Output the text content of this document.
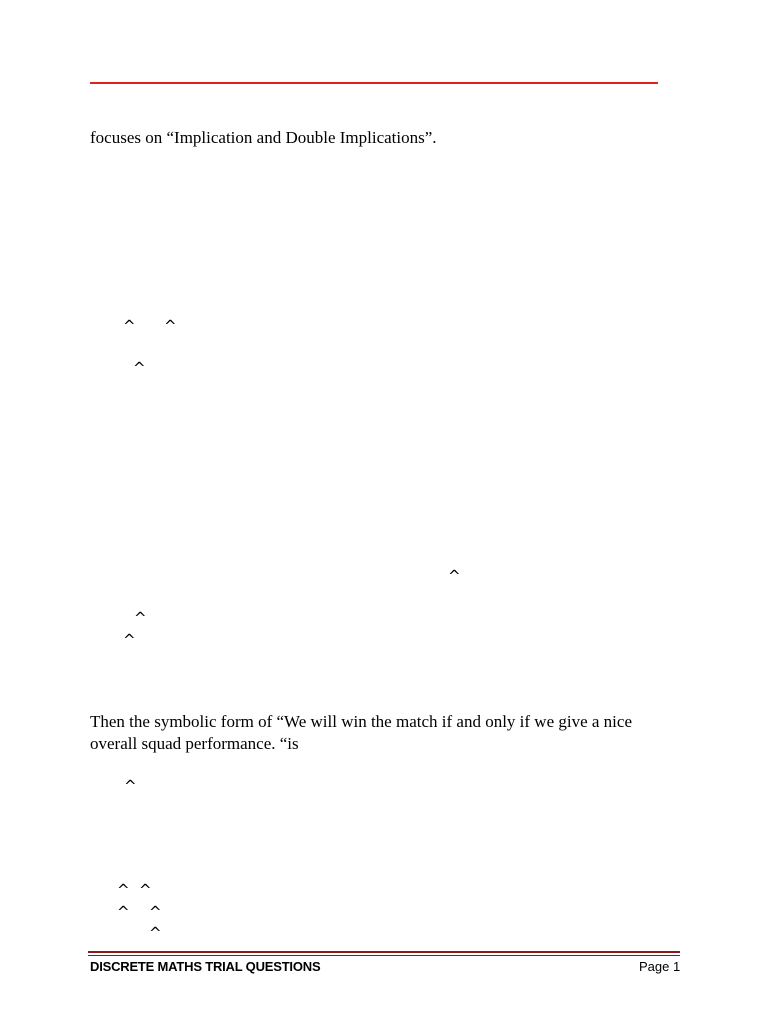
focuses on “Implication and Double Implications”.
^ ^
^
^
^
^
Then the symbolic form of “We will win the match if and only if we give a nice
overall squad performance. “is
^
^ ^
^ ^
^
DISCRETE MATHS TRIAL QUESTIONS	Page 1
